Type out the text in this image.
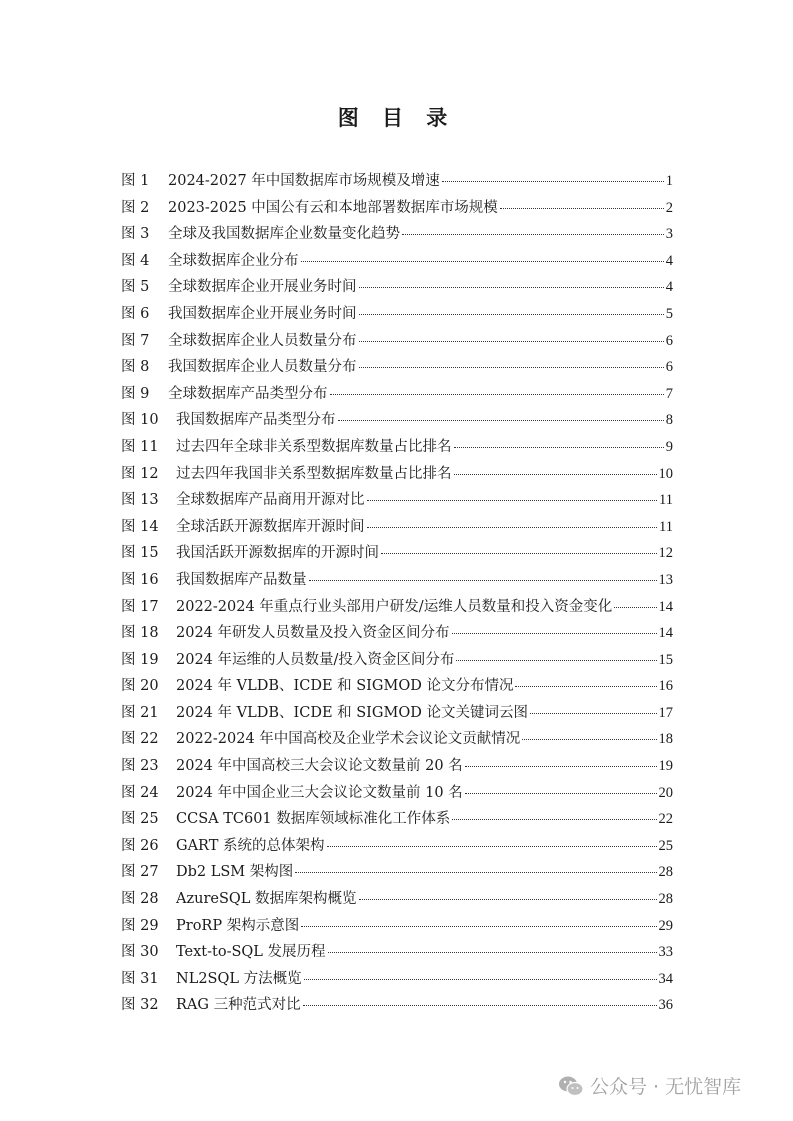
图 目 录
图 1	2024-2027 年中国数据库市场规模及增速	1
图 2	2023-2025 中国公有云和本地部署数据库市场规模	2
图 3	全球及我国数据库企业数量变化趋势	3
图 4	全球数据库企业分布	4
图 5	全球数据库企业开展业务时间	4
图 6	我国数据库企业开展业务时间	5
图 7	全球数据库企业人员数量分布	6
图 8	我国数据库企业人员数量分布	6
图 9	全球数据库产品类型分布	7
图 10	我国数据库产品类型分布	8
图 11	过去四年全球非关系型数据库数量占比排名	9
图 12	过去四年我国非关系型数据库数量占比排名	10
图 13	全球数据库产品商用开源对比	11
图 14	全球活跃开源数据库开源时间	11
图 15	我国活跃开源数据库的开源时间	12
图 16	我国数据库产品数量	13
图 17	2022-2024 年重点行业头部用户研发/运维人员数量和投入资金变化	14
图 18	2024 年研发人员数量及投入资金区间分布	14
图 19	2024 年运维的人员数量/投入资金区间分布	15
图 20	2024 年 VLDB、ICDE 和 SIGMOD 论文分布情况	16
图 21	2024 年 VLDB、ICDE 和 SIGMOD 论文关键词云图	17
图 22	2022-2024 年中国高校及企业学术会议论文贡献情况	18
图 23	2024 年中国高校三大会议论文数量前 20 名	19
图 24	2024 年中国企业三大会议论文数量前 10 名	20
图 25	CCSA TC601 数据库领域标准化工作体系	22
图 26	GART 系统的总体架构	25
图 27	Db2 LSM 架构图	28
图 28	AzureSQL 数据库架构概览	28
图 29	ProRP 架构示意图	29
图 30	Text-to-SQL 发展历程	33
图 31	NL2SQL 方法概览	34
图 32	RAG 三种范式对比	36
公众号 · 无忧智库
